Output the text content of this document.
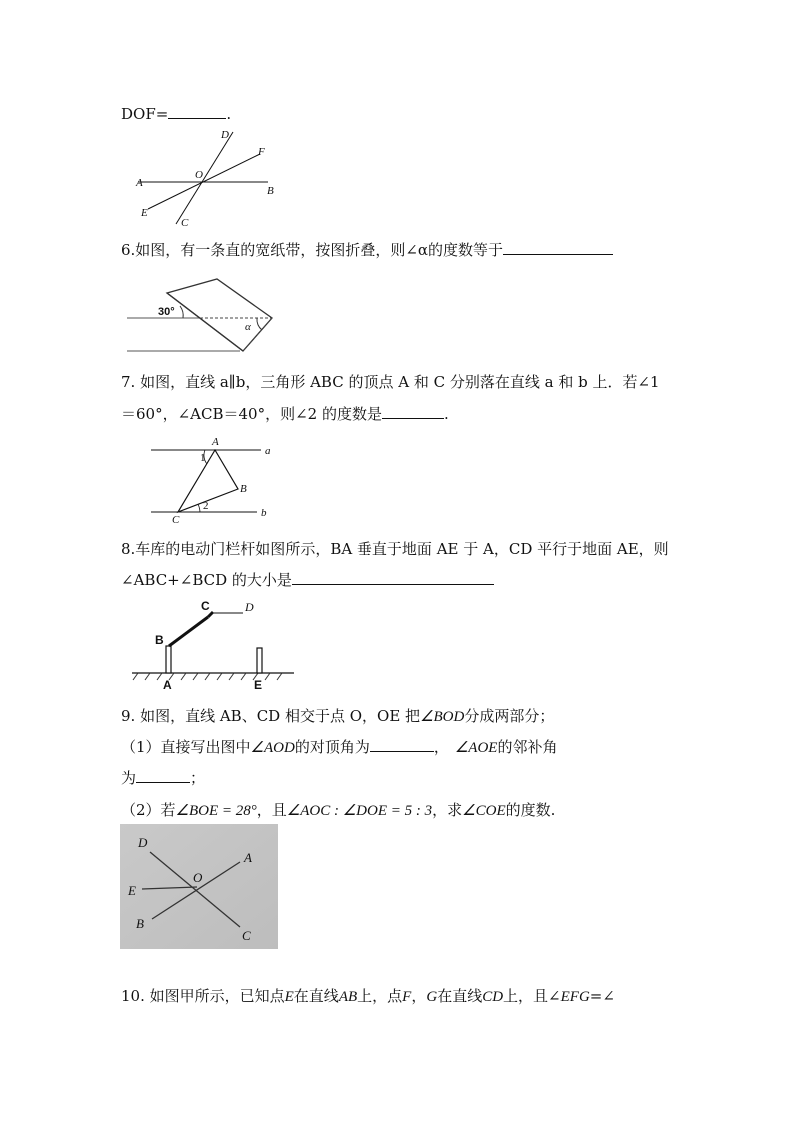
DOF=	.
D
F
A
O
B
E
C
6.如图，有一条直的宽纸带，按图折叠，则∠α的度数等于
30°
α
7. 如图，直线 a∥b，三角形 ABC 的顶点 A 和 C 分别落在直线 a 和 b 上．若∠1
＝60°，∠ACB＝40°，则∠2 的度数是	.
A
a
1
B
2
C
b
8.车库的电动门栏杆如图所示，BA 垂直于地面 AE 于 A，CD 平行于地面 AE，则
∠ABC+∠BCD 的大小是
C	D
B
A	E
9. 如图，直线 AB、CD 相交于点 O，OE 把∠BOD分成两部分；
（1）直接写出图中∠AOD的对顶角为	， ∠AOE的邻补角
为	；
（2）若∠BOE = 28°，且∠AOC : ∠DOE = 5 : 3，求∠COE的度数.
D
A
O
E
B
C
10. 如图甲所示，已知点E在直线AB上，点F，G在直线CD上，且∠EFG=∠
